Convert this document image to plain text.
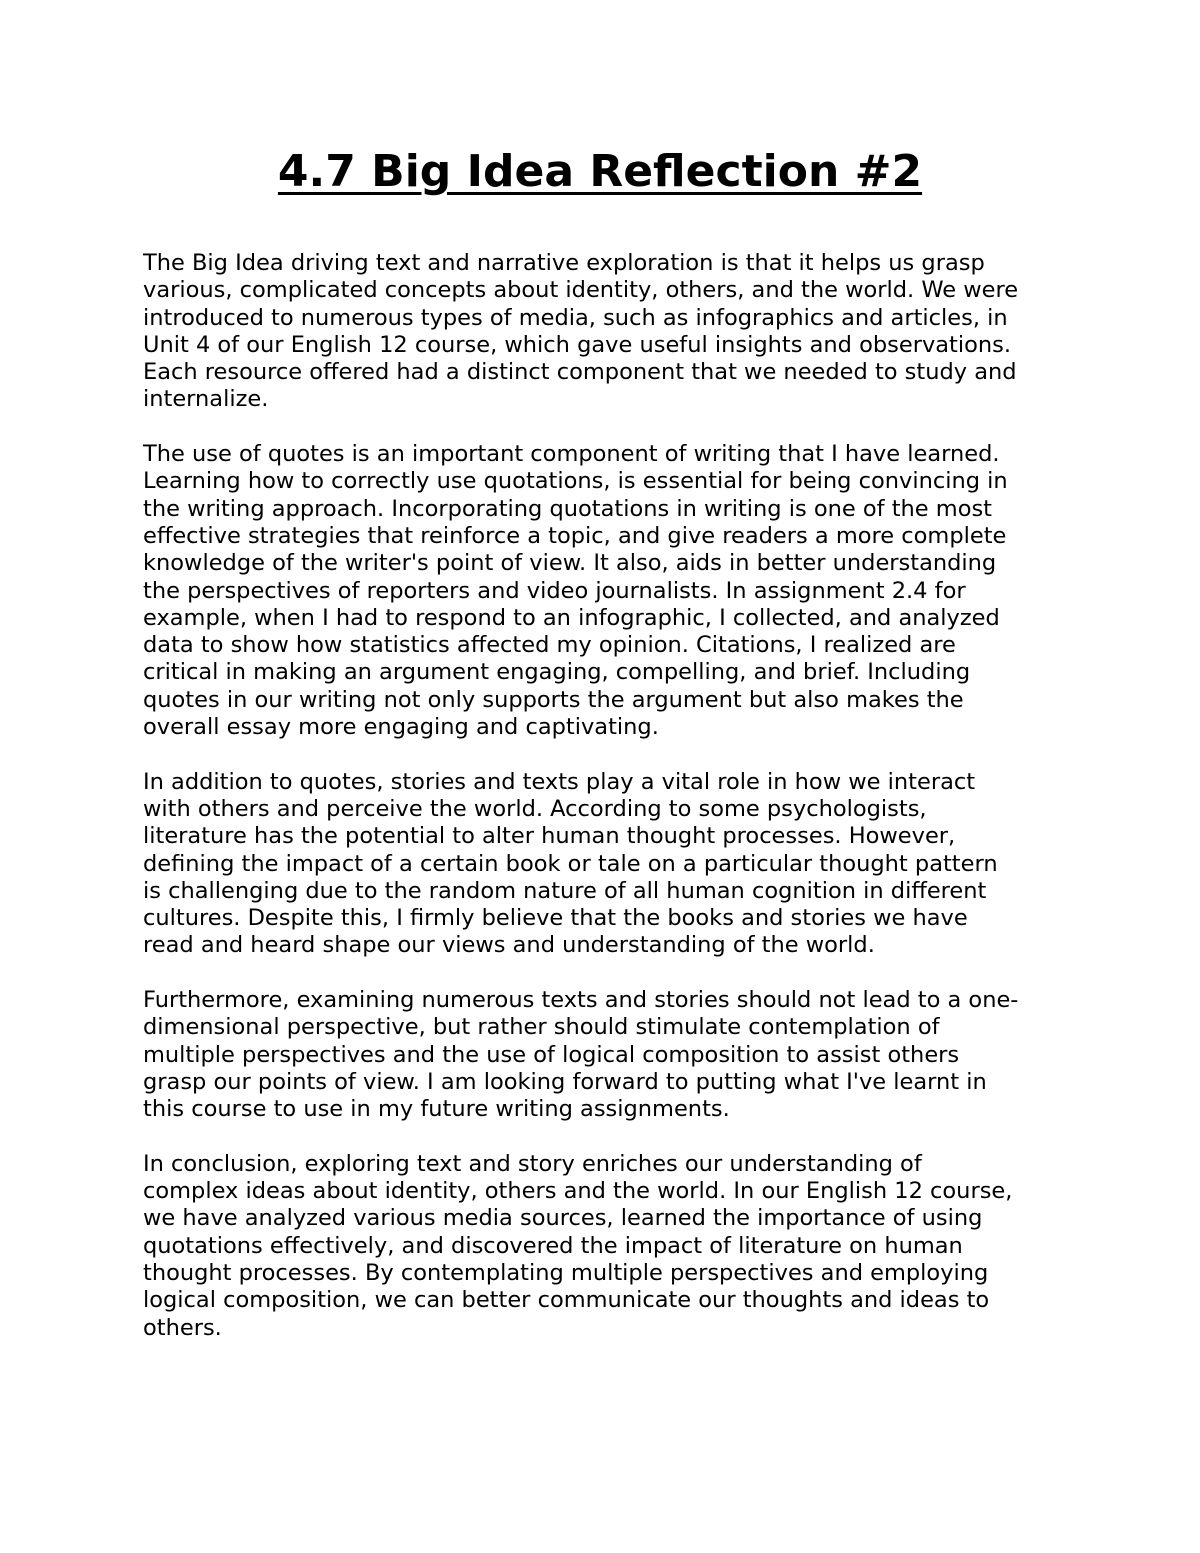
4.7 Big Idea Reflection #2

The Big Idea driving text and narrative exploration is that it helps us grasp
various, complicated concepts about identity, others, and the world. We were
introduced to numerous types of media, such as infographics and articles, in
Unit 4 of our English 12 course, which gave useful insights and observations.
Each resource offered had a distinct component that we needed to study and
internalize.

The use of quotes is an important component of writing that I have learned.
Learning how to correctly use quotations, is essential for being convincing in
the writing approach. Incorporating quotations in writing is one of the most
effective strategies that reinforce a topic, and give readers a more complete
knowledge of the writer's point of view. It also, aids in better understanding
the perspectives of reporters and video journalists. In assignment 2.4 for
example, when I had to respond to an infographic, I collected, and analyzed
data to show how statistics affected my opinion. Citations, I realized are
critical in making an argument engaging, compelling, and brief. Including
quotes in our writing not only supports the argument but also makes the
overall essay more engaging and captivating.

In addition to quotes, stories and texts play a vital role in how we interact
with others and perceive the world. According to some psychologists,
literature has the potential to alter human thought processes. However,
defining the impact of a certain book or tale on a particular thought pattern
is challenging due to the random nature of all human cognition in different
cultures. Despite this, I firmly believe that the books and stories we have
read and heard shape our views and understanding of the world.

Furthermore, examining numerous texts and stories should not lead to a one-
dimensional perspective, but rather should stimulate contemplation of
multiple perspectives and the use of logical composition to assist others
grasp our points of view. I am looking forward to putting what I've learnt in
this course to use in my future writing assignments.

In conclusion, exploring text and story enriches our understanding of
complex ideas about identity, others and the world. In our English 12 course,
we have analyzed various media sources, learned the importance of using
quotations effectively, and discovered the impact of literature on human
thought processes. By contemplating multiple perspectives and employing
logical composition, we can better communicate our thoughts and ideas to
others.
